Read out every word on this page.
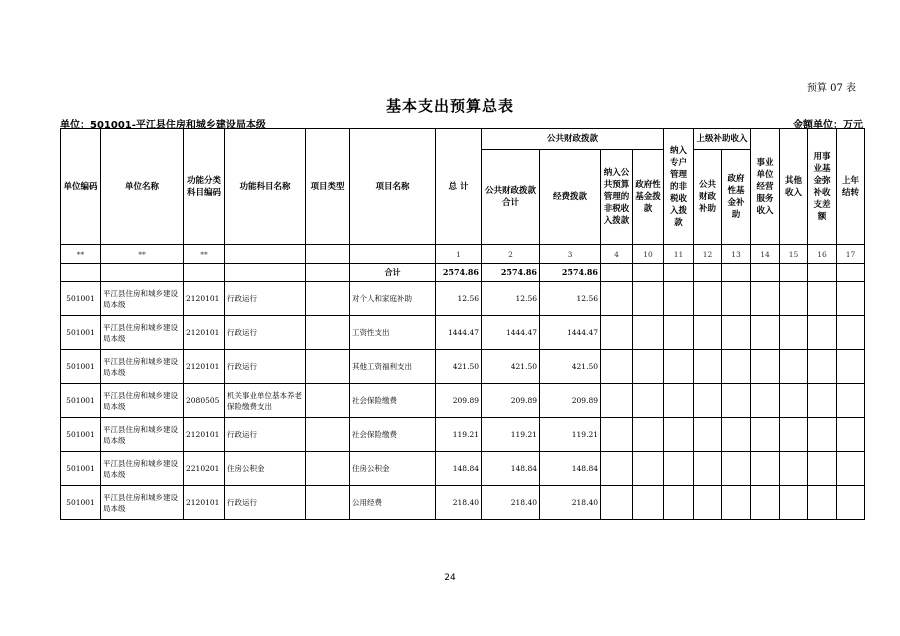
预算 07 表
基本支出预算总表
单位：501001-平江县住房和城乡建设局本级	金额单位：万元
单位编码	单位名称	功能分类科目编码	功能科目名称	项目类型	项目名称	总 计	公共财政拨款				纳入专户管理的非税收入拨款	上级补助收入		事业单位经营服务收入	其他收入	用事业基金弥补收支差额	上年结转
							公共财政拨款合计	经费拨款	纳入公共预算管理的非税收入拨款	政府性基金拨款		公共财政补助	政府性基金补助				
**	**	**				1	2	3	4	10	11	12	13	14	15	16	17
					合计	2574.86	2574.86	2574.86									
501001	平江县住房和城乡建设局本级	2120101	行政运行		对个人和家庭补助	12.56	12.56	12.56									
501001	平江县住房和城乡建设局本级	2120101	行政运行		工资性支出	1444.47	1444.47	1444.47									
501001	平江县住房和城乡建设局本级	2120101	行政运行		其他工资福利支出	421.50	421.50	421.50									
501001	平江县住房和城乡建设局本级	2080505	机关事业单位基本养老保险缴费支出		社会保险缴费	209.89	209.89	209.89									
501001	平江县住房和城乡建设局本级	2120101	行政运行		社会保险缴费	119.21	119.21	119.21									
501001	平江县住房和城乡建设局本级	2210201	住房公积金		住房公积金	148.84	148.84	148.84									
501001	平江县住房和城乡建设局本级	2120101	行政运行		公用经费	218.40	218.40	218.40									
24
